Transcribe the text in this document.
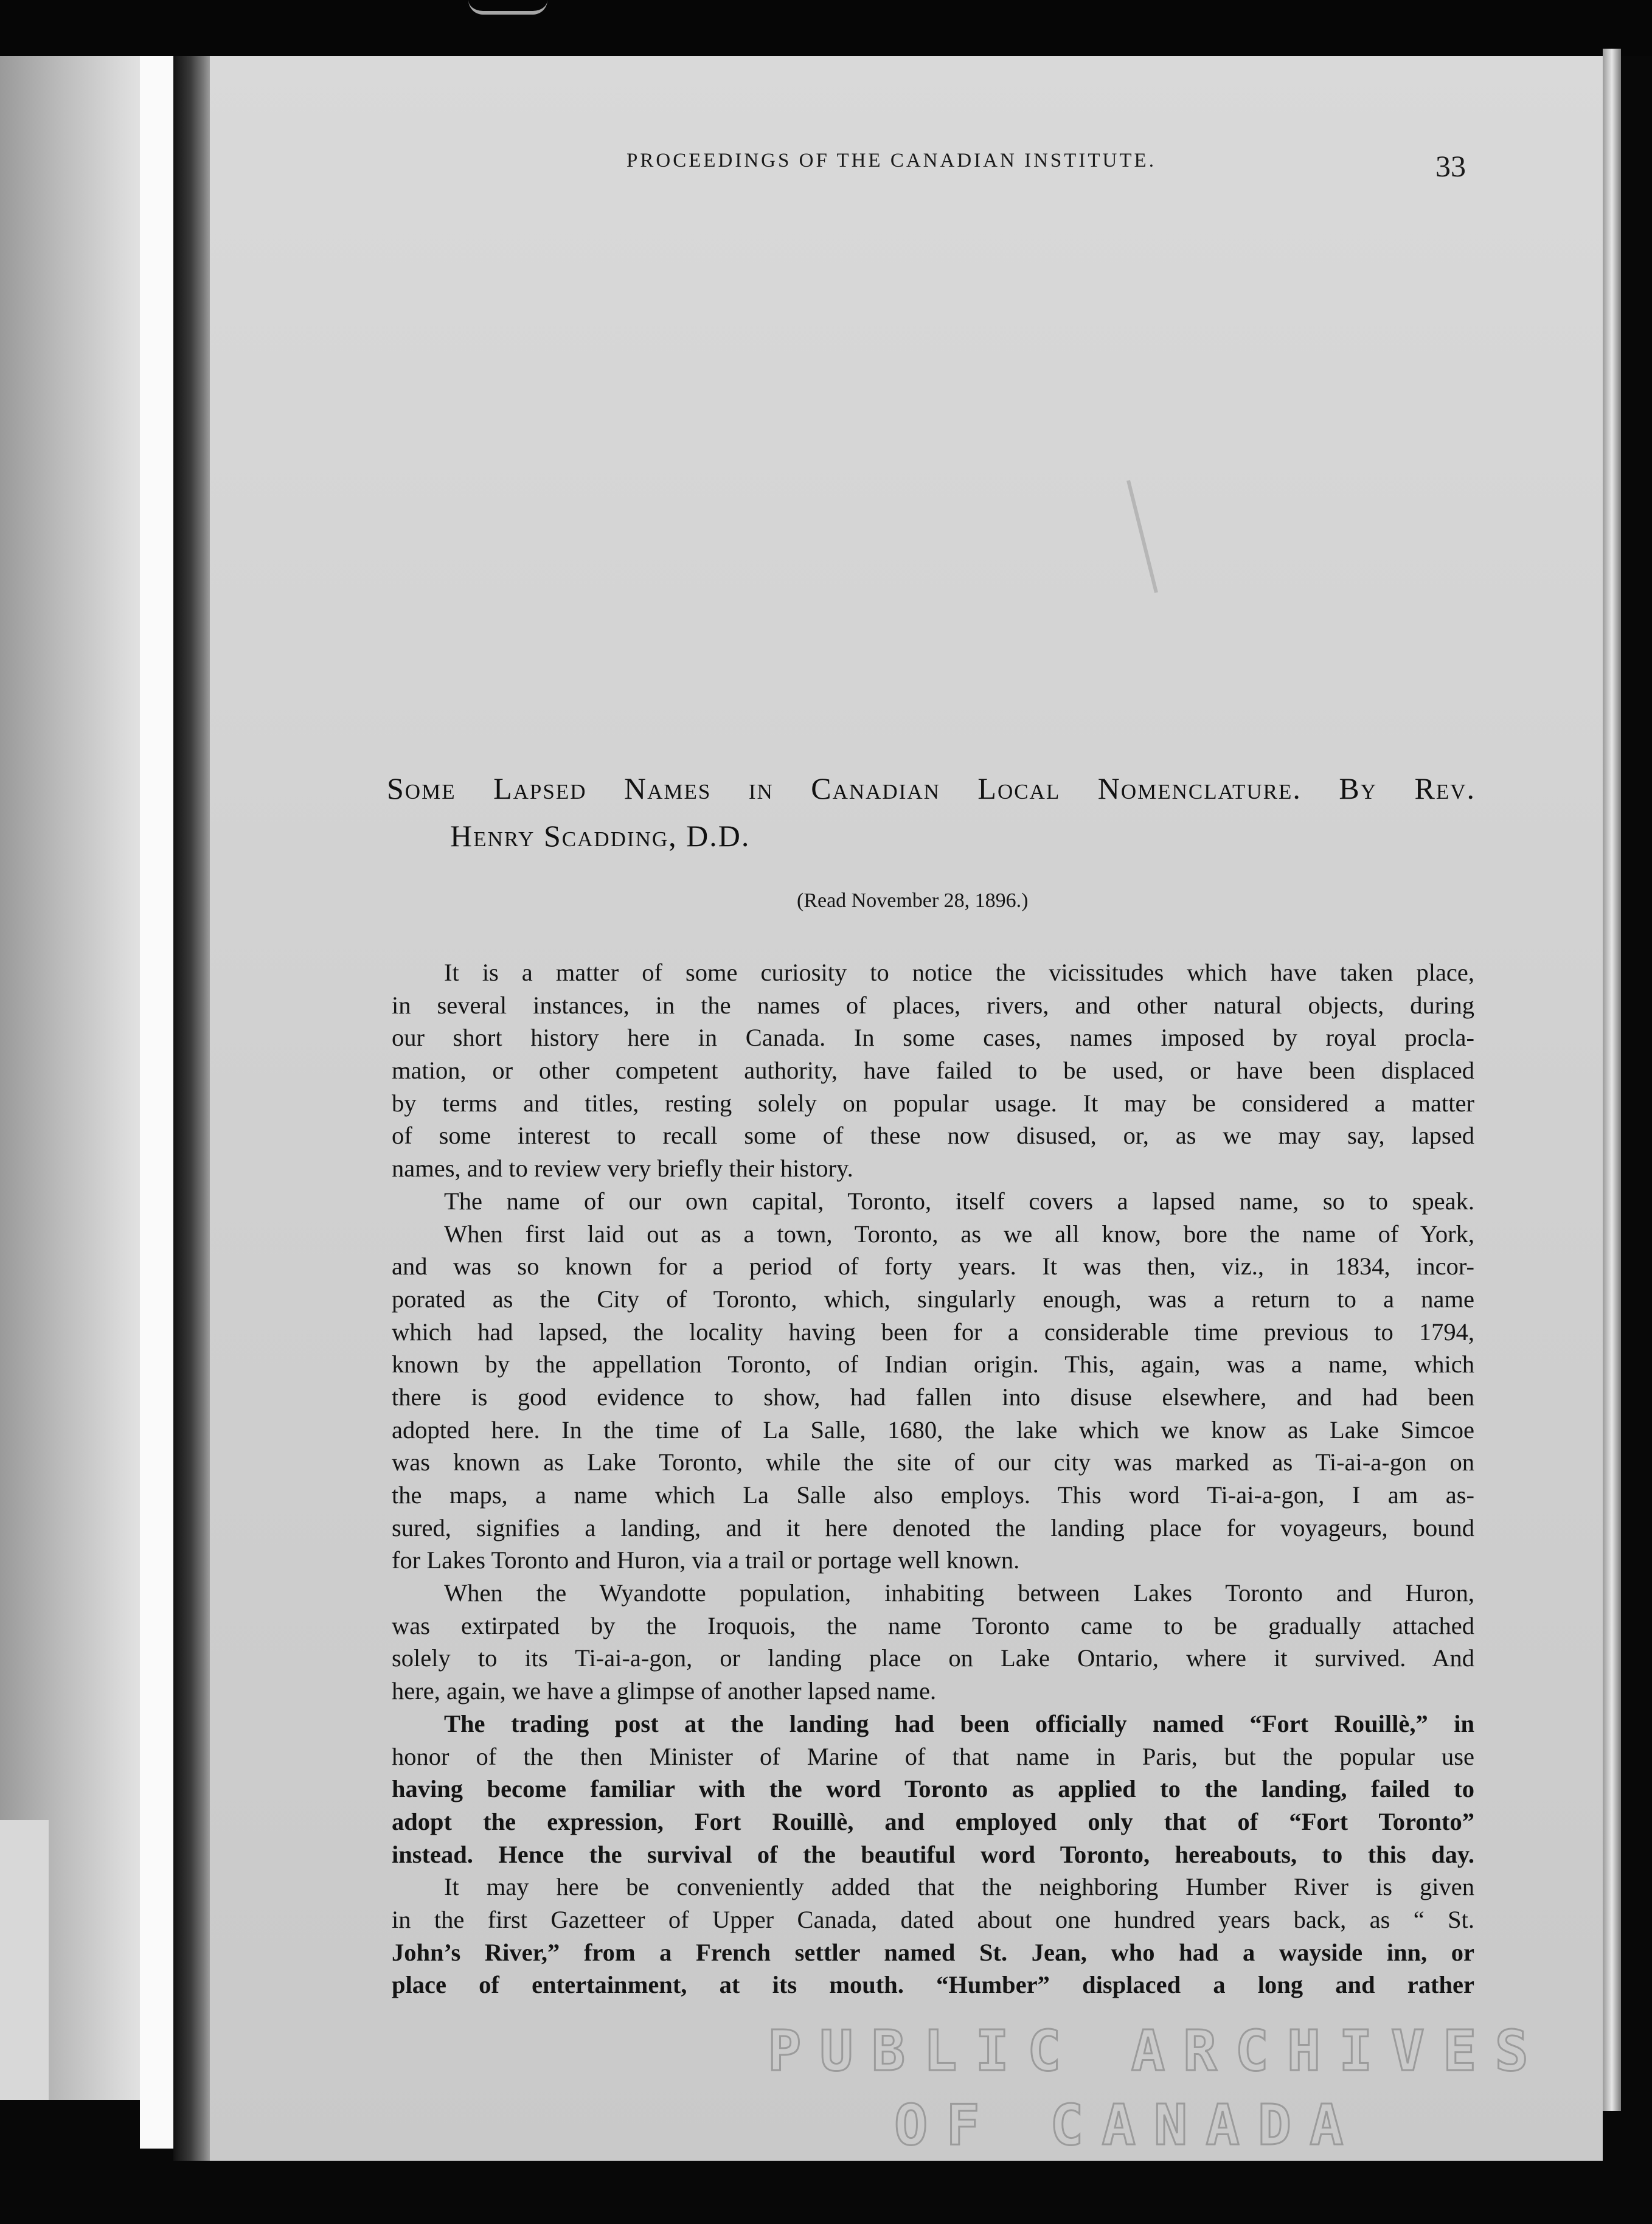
PROCEEDINGS OF THE CANADIAN INSTITUTE.	33
Some Lapsed Names in Canadian Local Nomenclature. By Rev.
Henry Scadding, D.D.
(Read November 28, 1896.)
It is a matter of some curiosity to notice the vicissitudes which have taken place,
in several instances, in the names of places, rivers, and other natural objects, during
our short history here in Canada. In some cases, names imposed by royal procla-
mation, or other competent authority, have failed to be used, or have been displaced
by terms and titles, resting solely on popular usage. It may be considered a matter
of some interest to recall some of these now disused, or, as we may say, lapsed
names, and to review very briefly their history.
The name of our own capital, Toronto, itself covers a lapsed name, so to speak.
When first laid out as a town, Toronto, as we all know, bore the name of York,
and was so known for a period of forty years. It was then, viz., in 1834, incor-
porated as the City of Toronto, which, singularly enough, was a return to a name
which had lapsed, the locality having been for a considerable time previous to 1794,
known by the appellation Toronto, of Indian origin. This, again, was a name, which
there is good evidence to show, had fallen into disuse elsewhere, and had been
adopted here. In the time of La Salle, 1680, the lake which we know as Lake Simcoe
was known as Lake Toronto, while the site of our city was marked as Ti-ai-a-gon on
the maps, a name which La Salle also employs. This word Ti-ai-a-gon, I am as-
sured, signifies a landing, and it here denoted the landing place for voyageurs, bound
for Lakes Toronto and Huron, via a trail or portage well known.
When the Wyandotte population, inhabiting between Lakes Toronto and Huron,
was extirpated by the Iroquois, the name Toronto came to be gradually attached
solely to its Ti-ai-a-gon, or landing place on Lake Ontario, where it survived. And
here, again, we have a glimpse of another lapsed name.
The trading post at the landing had been officially named “Fort Rouillè,” in
honor of the then Minister of Marine of that name in Paris, but the popular use
having become familiar with the word Toronto as applied to the landing, failed to
adopt the expression, Fort Rouillè, and employed only that of “Fort Toronto”
instead. Hence the survival of the beautiful word Toronto, hereabouts, to this day.
It may here be conveniently added that the neighboring Humber River is given
in the first Gazetteer of Upper Canada, dated about one hundred years back, as “ St.
John’s River,” from a French settler named St. Jean, who had a wayside inn, or
place of entertainment, at its mouth. “Humber” displaced a long and rather
PUBLIC ARCHIVES
OF CANADA
